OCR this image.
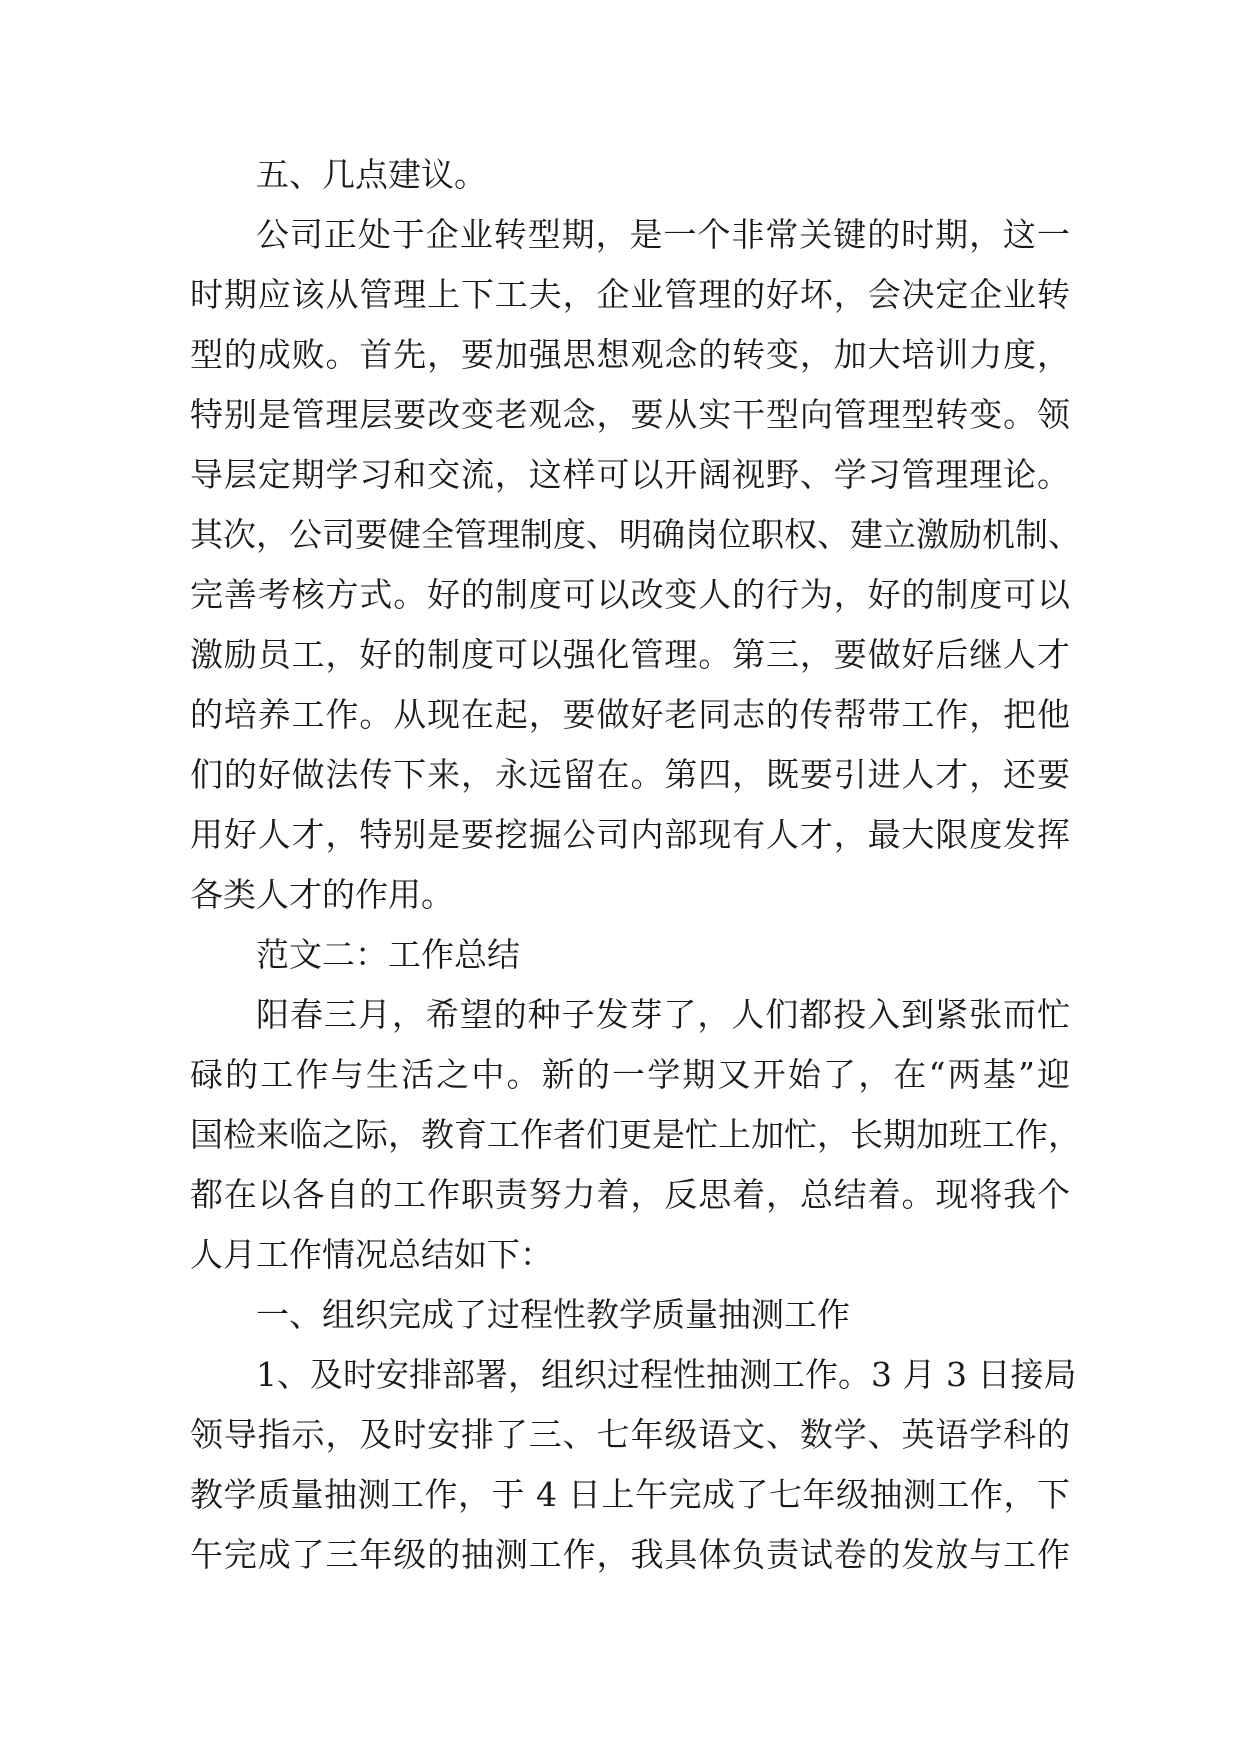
五、几点建议。
公司正处于企业转型期，是一个非常关键的时期，这一
时期应该从管理上下工夫，企业管理的好坏，会决定企业转
型的成败。首先，要加强思想观念的转变，加大培训力度，
特别是管理层要改变老观念，要从实干型向管理型转变。领
导层定期学习和交流，这样可以开阔视野、学习管理理论。
其次，公司要健全管理制度、明确岗位职权、建立激励机制、
完善考核方式。好的制度可以改变人的行为，好的制度可以
激励员工，好的制度可以强化管理。第三，要做好后继人才
的培养工作。从现在起，要做好老同志的传帮带工作，把他
们的好做法传下来，永远留在。第四，既要引进人才，还要
用好人才，特别是要挖掘公司内部现有人才，最大限度发挥
各类人才的作用。
范文二：工作总结
阳春三月，希望的种子发芽了，人们都投入到紧张而忙
碌的工作与生活之中。新的一学期又开始了，在“两基”迎
国检来临之际，教育工作者们更是忙上加忙，长期加班工作，
都在以各自的工作职责努力着，反思着，总结着。现将我个
人月工作情况总结如下：
一、组织完成了过程性教学质量抽测工作
1、及时安排部署，组织过程性抽测工作。3 月 3 日接局
领导指示，及时安排了三、七年级语文、数学、英语学科的
教学质量抽测工作，于 4 日上午完成了七年级抽测工作，下
午完成了三年级的抽测工作，我具体负责试卷的发放与工作
